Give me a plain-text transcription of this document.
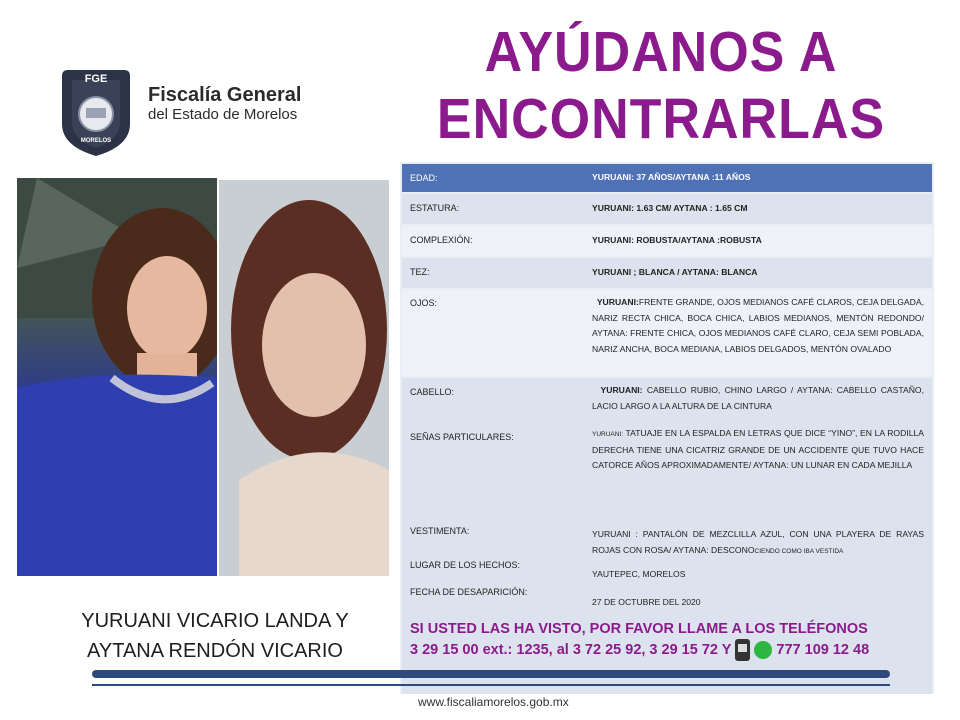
FGE
MORELOS
Fiscalía General
del Estado de Morelos
AYÚDANOS A
ENCONTRARLAS
YURUANI VICARIO LANDA Y
AYTANA RENDÓN VICARIO
EDAD:	YURUANI: 37 AÑOS/AYTANA :11 AÑOS
ESTATURA:	YURUANI: 1.63 CM/ AYTANA : 1.65 CM
COMPLEXIÓN:	YURUANI: ROBUSTA/AYTANA :ROBUSTA
TEZ:	YURUANI ; BLANCA / AYTANA: BLANCA
OJOS:	YURUANI:FRENTE GRANDE, OJOS MEDIANOS CAFÉ CLAROS, CEJA DELGADA, NARIZ RECTA CHICA, BOCA CHICA, LABIOS MEDIANOS, MENTÓN REDONDO/ AYTANA: FRENTE CHICA, OJOS MEDIANOS CAFÉ CLARO, CEJA SEMI POBLADA, NARIZ ANCHA, BOCA MEDIANA, LABIOS DELGADOS, MENTÓN OVALADO
CABELLO:	YURUANI: CABELLO RUBIO, CHINO LARGO / AYTANA: CABELLO CASTAÑO, LACIO LARGO A LA ALTURA DE LA CINTURA
SEÑAS PARTICULARES:	YURUANI: TATUAJE EN LA ESPALDA EN LETRAS QUE DICE “YINO”, EN LA RODILLA DERECHA TIENE UNA CICATRIZ GRANDE DE UN ACCIDENTE QUE TUVO HACE CATORCE AÑOS APROXIMADAMENTE/ AYTANA: UN LUNAR EN CADA MEJILLA
VESTIMENTA:	YURUANI : PANTALÓN DE MEZCLILLA AZUL, CON UNA PLAYERA DE RAYAS ROJAS CON ROSA/ AYTANA: DESCONOCIENDO COMO IBA VESTIDA
LUGAR DE LOS HECHOS:
YAUTEPEC, MORELOS
FECHA DE DESAPARICIÓN:
27 DE OCTUBRE DEL 2020
SI USTED LAS HA VISTO, POR FAVOR LLAME A LOS TELÉFONOS
3 29 15 00 ext.: 1235, al 3 72 25 92, 3 29 15 72 Y	777 109 12 48
www.fiscaliamorelos.gob.mx
